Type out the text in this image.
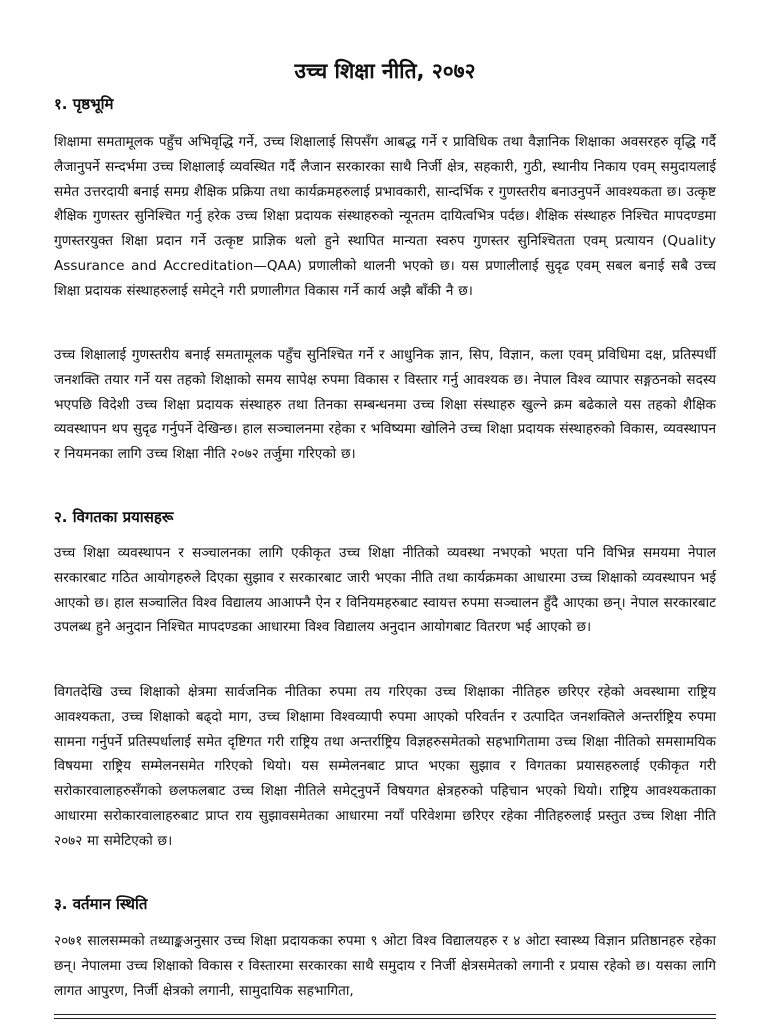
उच्च शिक्षा नीति, २०७२
१. पृष्ठभूमि

शिक्षामा समतामूलक पहुँच अभिवृद्धि गर्ने, उच्च शिक्षालाई सिपसँग आबद्ध गर्ने र प्राविधिक तथा वैज्ञानिक शिक्षाका अवसरहरु वृद्धि गर्दै लैजानुपर्ने सन्दर्भमा उच्च शिक्षालाई व्यवस्थित गर्दै लैजान सरकारका साथै निर्जी क्षेत्र, सहकारी, गुठी, स्थानीय निकाय एवम् समुदायलाई समेत उत्तरदायी बनाई समग्र शैक्षिक प्रक्रिया तथा कार्यक्रमहरुलाई प्रभावकारी, सान्दर्भिक र गुणस्तरीय बनाउनुपर्ने आवश्यकता छ। उत्कृष्ट शैक्षिक गुणस्तर सुनिश्चित गर्नु हरेक उच्च शिक्षा प्रदायक संस्थाहरुको न्यूनतम दायित्वभित्र पर्दछ। शैक्षिक संस्थाहरु निश्चित मापदण्डमा गुणस्तरयुक्त शिक्षा प्रदान गर्ने उत्कृष्ट प्राज्ञिक थलो हुने स्थापित मान्यता स्वरुप गुणस्तर सुनिश्चितता एवम् प्रत्यायन (Quality Assurance and Accreditation—QAA) प्रणालीको थालनी भएको छ। यस प्रणालीलाई सुदृढ एवम् सबल बनाई सबै उच्च शिक्षा प्रदायक संस्थाहरुलाई समेट्ने गरी प्रणालीगत विकास गर्ने कार्य अझै बाँकी नै छ।

उच्च शिक्षालाई गुणस्तरीय बनाई समतामूलक पहुँच सुनिश्चित गर्ने र आधुनिक ज्ञान, सिप, विज्ञान, कला एवम् प्रविधिमा दक्ष, प्रतिस्पर्धी जनशक्ति तयार गर्ने यस तहको शिक्षाको समय सापेक्ष रुपमा विकास र विस्तार गर्नु आवश्यक छ। नेपाल विश्व व्यापार सङ्गठनको सदस्य भएपछि विदेशी उच्च शिक्षा प्रदायक संस्थाहरु तथा तिनका सम्बन्धनमा उच्च शिक्षा संस्थाहरु खुल्ने क्रम बढेकाले यस तहको शैक्षिक व्यवस्थापन थप सुदृढ गर्नुपर्ने देखिन्छ। हाल सञ्चालनमा रहेका र भविष्यमा खोलिने उच्च शिक्षा प्रदायक संस्थाहरुको विकास, व्यवस्थापन र नियमनका लागि उच्च शिक्षा नीति २०७२ तर्जुमा गरिएको छ।

२. विगतका प्रयासहरू

उच्च शिक्षा व्यवस्थापन र सञ्चालनका लागि एकीकृत उच्च शिक्षा नीतिको व्यवस्था नभएको भएता पनि विभिन्न समयमा नेपाल सरकारबाट गठित आयोगहरुले दिएका सुझाव र सरकारबाट जारी भएका नीति तथा कार्यक्रमका आधारमा उच्च शिक्षाको व्यवस्थापन भई आएको छ। हाल सञ्चालित विश्व विद्यालय आआफ्नै ऐन र विनियमहरुबाट स्वायत्त रुपमा सञ्चालन हुँदै आएका छन्। नेपाल सरकारबाट उपलब्ध हुने अनुदान निश्चित मापदण्डका आधारमा विश्व विद्यालय अनुदान आयोगबाट वितरण भई आएको छ।

विगतदेखि उच्च शिक्षाको क्षेत्रमा सार्वजनिक नीतिका रुपमा तय गरिएका उच्च शिक्षाका नीतिहरु छरिएर रहेको अवस्थामा राष्ट्रिय आवश्यकता, उच्च शिक्षाको बढ्दो माग, उच्च शिक्षामा विश्वव्यापी रुपमा आएको परिवर्तन र उत्पादित जनशक्तिले अन्तर्राष्ट्रिय रुपमा सामना गर्नुपर्ने प्रतिस्पर्धालाई समेत दृष्टिगत गरी राष्ट्रिय तथा अन्तर्राष्ट्रिय विज्ञहरुसमेतको सहभागितामा उच्च शिक्षा नीतिको समसामयिक विषयमा राष्ट्रिय सम्मेलनसमेत गरिएको थियो। यस सम्मेलनबाट प्राप्त भएका सुझाव र विगतका प्रयासहरुलाई एकीकृत गरी सरोकारवालाहरुसँगको छलफलबाट उच्च शिक्षा नीतिले समेट्नुपर्ने विषयगत क्षेत्रहरुको पहिचान भएको थियो। राष्ट्रिय आवश्यकताका आधारमा सरोकारवालाहरुबाट प्राप्त राय सुझावसमेतका आधारमा नयाँ परिवेशमा छरिएर रहेका नीतिहरुलाई प्रस्तुत उच्च शिक्षा नीति २०७२ मा समेटिएको छ।

३. वर्तमान स्थिति

२०७१ सालसम्मको तथ्याङ्कअनुसार उच्च शिक्षा प्रदायकका रुपमा ९ ओटा विश्व विद्यालयहरु र ४ ओटा स्वास्थ्य विज्ञान प्रतिष्ठानहरु रहेका छन्। नेपालमा उच्च शिक्षाको विकास र विस्तारमा सरकारका साथै समुदाय र निर्जी क्षेत्रसमेतको लगानी र प्रयास रहेको छ। यसका लागि लागत आपुरण, निर्जी क्षेत्रको लगानी, सामुदायिक सहभागिता,
